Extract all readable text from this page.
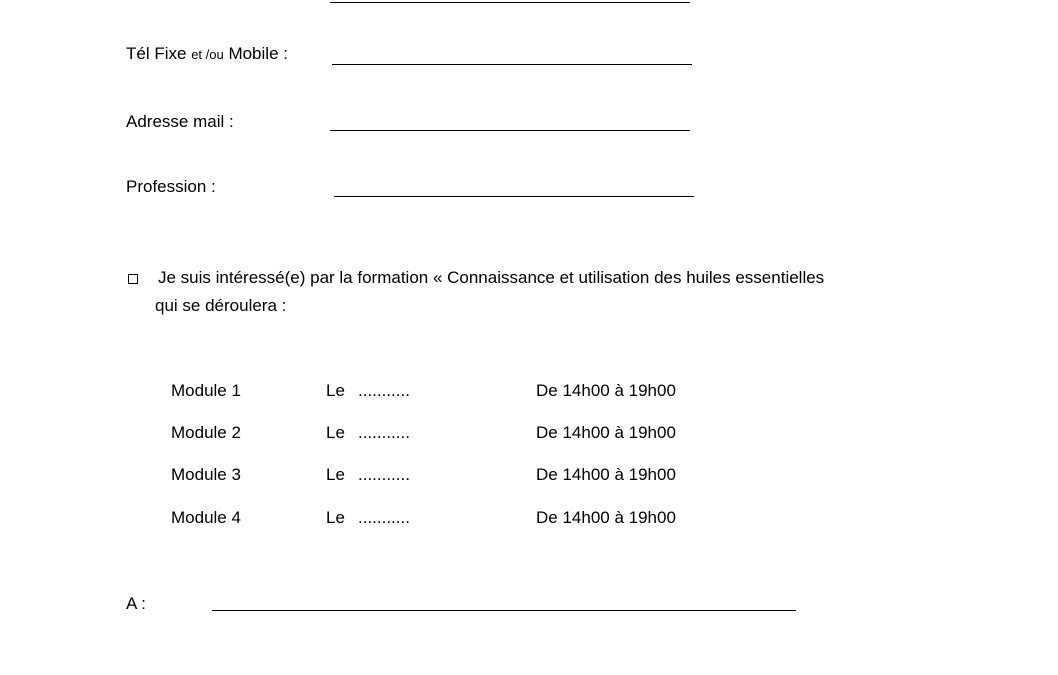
Tél Fixe et /ou Mobile :
Adresse mail :
Profession :
Je suis intéressé(e) par la formation « Connaissance et utilisation des huiles essentielles
qui se déroulera :
Module 1	Le ...........	De 14h00 à 19h00
Module 2	Le ...........	De 14h00 à 19h00
Module 3	Le ...........	De 14h00 à 19h00
Module 4	Le ...........	De 14h00 à 19h00
A :
